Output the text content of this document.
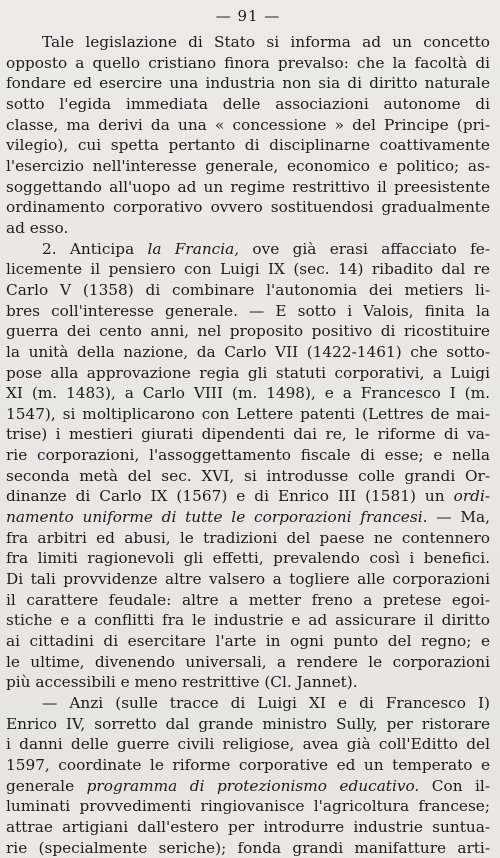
— 91 —
Tale legislazione di Stato si informa ad un concetto
opposto a quello cristiano finora prevalso: che la facoltà di
fondare ed esercire una industria non sia di diritto naturale
sotto l'egida immediata delle associazioni autonome di
classe, ma derivi da una « concessione » del Principe (pri-
vilegio), cui spetta pertanto di disciplinarne coattivamente
l'esercizio nell'interesse generale, economico e politico; as-
soggettando all'uopo ad un regime restrittivo il preesistente
ordinamento corporativo ovvero sostituendosi gradualmente
ad esso.
2. Anticipa la Francia, ove già erasi affacciato fe-
licemente il pensiero con Luigi IX (sec. 14) ribadito dal re
Carlo V (1358) di combinare l'autonomia dei metiers li-
bres coll'interesse generale. — E sotto i Valois, finita la
guerra dei cento anni, nel proposito positivo di ricostituire
la unità della nazione, da Carlo VII (1422-1461) che sotto-
pose alla approvazione regia gli statuti corporativi, a Luigi
XI (m. 1483), a Carlo VIII (m. 1498), e a Francesco I (m.
1547), si moltiplicarono con Lettere patenti (Lettres de mai-
trise) i mestieri giurati dipendenti dai re, le riforme di va-
rie corporazioni, l'assoggettamento fiscale di esse; e nella
seconda metà del sec. XVI, si introdusse colle grandi Or-
dinanze di Carlo IX (1567) e di Enrico III (1581) un ordi-
namento uniforme di tutte le corporazioni francesi. — Ma,
fra arbitri ed abusi, le tradizioni del paese ne contennero
fra limiti ragionevoli gli effetti, prevalendo così i benefici.
Di tali provvidenze altre valsero a togliere alle corporazioni
il carattere feudale: altre a metter freno a pretese egoi-
stiche e a conflitti fra le industrie e ad assicurare il diritto
ai cittadini di esercitare l'arte in ogni punto del regno; e
le ultime, divenendo universali, a rendere le corporazioni
più accessibili e meno restrittive (Cl. Jannet).
— Anzi (sulle tracce di Luigi XI e di Francesco I)
Enrico IV, sorretto dal grande ministro Sully, per ristorare
i danni delle guerre civili religiose, avea già coll'Editto del
1597, coordinate le riforme corporative ed un temperato e
generale programma di protezionismo educativo. Con il-
luminati provvedimenti ringiovanisce l'agricoltura francese;
attrae artigiani dall'estero per introdurre industrie suntua-
rie (specialmente seriche); fonda grandi manifatture arti-
